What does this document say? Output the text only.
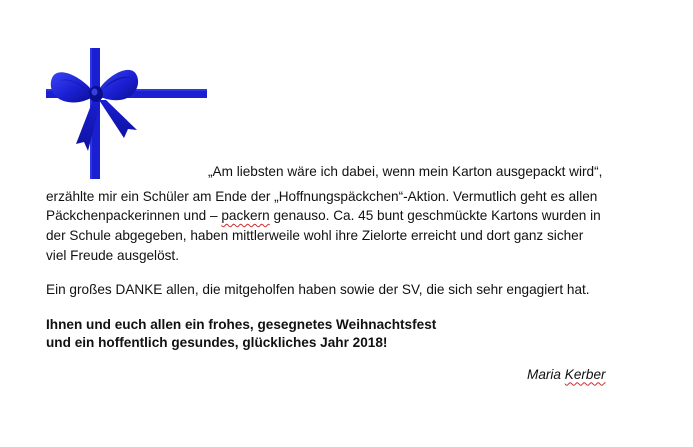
„Am liebsten wäre ich dabei, wenn mein Karton ausgepackt wird“,

erzählte mir ein Schüler am Ende der „Hoffnungspäckchen“-Aktion. Vermutlich geht es allen

Päckchenpackerinnen und – packern genauso. Ca. 45 bunt geschmückte Kartons wurden in

der Schule abgegeben, haben mittlerweile wohl ihre Zielorte erreicht und dort ganz sicher

viel Freude ausgelöst.

Ein großes DANKE allen, die mitgeholfen haben sowie der SV, die sich sehr engagiert hat.

Ihnen und euch allen ein frohes, gesegnetes Weihnachtsfest

und ein hoffentlich gesundes, glückliches Jahr 2018!

Maria Kerber
